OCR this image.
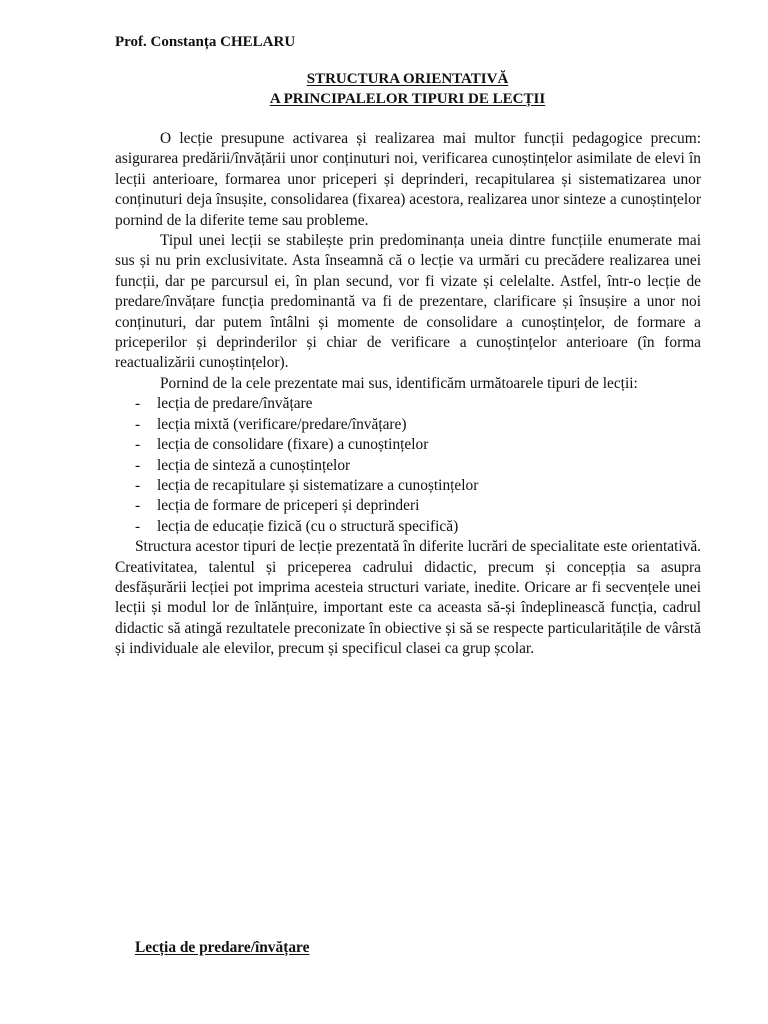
Prof. Constanța CHELARU
STRUCTURA ORIENTATIVĂ
A PRINCIPALELOR TIPURI DE LECȚII

O lecție presupune activarea și realizarea mai multor funcții pedagogice precum: asigurarea predării/învățării unor conținuturi noi, verificarea cunoștințelor asimilate de elevi în lecții anterioare, formarea unor priceperi și deprinderi, recapitularea și sistematizarea unor conținuturi deja însușite, consolidarea (fixarea) acestora, realizarea unor sinteze a cunoștințelor pornind de la diferite teme sau probleme.

Tipul unei lecții se stabilește prin predominanța uneia dintre funcțiile enumerate mai sus și nu prin exclusivitate. Asta înseamnă că o lecție va urmări cu precădere realizarea unei funcții, dar pe parcursul ei, în plan secund, vor fi vizate și celelalte. Astfel, într-o lecție de predare/învățare funcția predominantă va fi de prezentare, clarificare și însușire a unor noi conținuturi, dar putem întâlni și momente de consolidare a cunoștințelor, de formare a priceperilor și deprinderilor și chiar de verificare a cunoștințelor anterioare (în forma reactualizării cunoștințelor).

Pornind de la cele prezentate mai sus, identificăm următoarele tipuri de lecții:

- lecția de predare/învățare
- lecția mixtă (verificare/predare/învățare)
- lecția de consolidare (fixare) a cunoștințelor
- lecția de sinteză a cunoștințelor
- lecția de recapitulare și sistematizare a cunoștințelor
- lecția de formare de priceperi și deprinderi
- lecția de educație fizică (cu o structură specifică)

Structura acestor tipuri de lecție prezentată în diferite lucrări de specialitate este orientativă. Creativitatea, talentul și priceperea cadrului didactic, precum și concepția sa asupra desfășurării lecției pot imprima acesteia structuri variate, inedite. Oricare ar fi secvențele unei lecții și modul lor de înlănțuire, important este ca aceasta să-și îndeplinească funcția, cadrul didactic să atingă rezultatele preconizate în obiective și să se respecte particularitățile de vârstă și individuale ale elevilor, precum și specificul clasei ca grup școlar.

Lecția de predare/învățare
